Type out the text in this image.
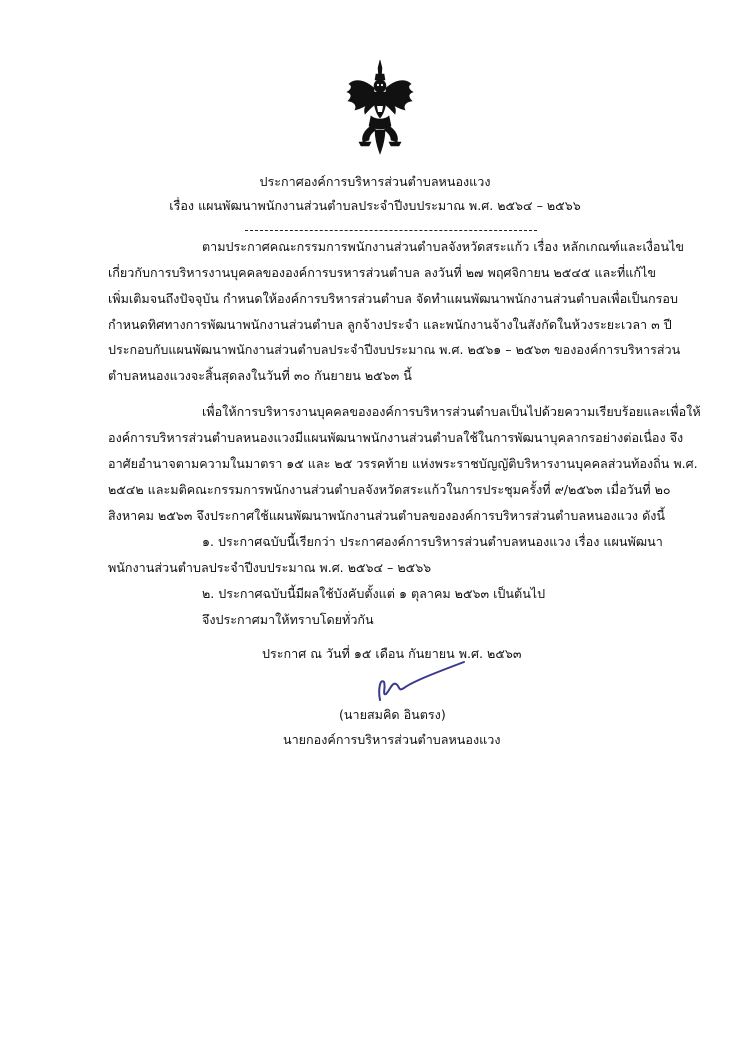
ประกาศองค์การบริหารส่วนตำบลหนองแวง
เรื่อง แผนพัฒนาพนักงานส่วนตำบลประจำปีงบประมาณ พ.ศ. ๒๕๖๔ – ๒๕๖๖
ตามประกาศคณะกรรมการพนักงานส่วนตำบลจังหวัดสระแก้ว เรื่อง หลักเกณฑ์และเงื่อนไข
เกี่ยวกับการบริหารงานบุคคลขององค์การบรหารส่วนตำบล ลงวันที่ ๒๗ พฤศจิกายน ๒๕๔๕ และที่แก้ไข
เพิ่มเติมจนถึงปัจจุบัน กำหนดให้องค์การบริหารส่วนตำบล จัดทำแผนพัฒนาพนักงานส่วนตำบลเพื่อเป็นกรอบ
กำหนดทิศทางการพัฒนาพนักงานส่วนตำบล ลูกจ้างประจำ และพนักงานจ้างในสังกัดในห้วงระยะเวลา ๓ ปี
ประกอบกับแผนพัฒนาพนักงานส่วนตำบลประจำปีงบประมาณ พ.ศ. ๒๕๖๑ – ๒๕๖๓ ขององค์การบริหารส่วน
ตำบลหนองแวงจะสิ้นสุดลงในวันที่ ๓๐ กันยายน ๒๕๖๓ นี้
เพื่อให้การบริหารงานบุคคลขององค์การบริหารส่วนตำบลเป็นไปด้วยความเรียบร้อยและเพื่อให้
องค์การบริหารส่วนตำบลหนองแวงมีแผนพัฒนาพนักงานส่วนตำบลใช้ในการพัฒนาบุคลากรอย่างต่อเนื่อง จึง
อาศัยอำนาจตามความในมาตรา ๑๕ และ ๒๕ วรรคท้าย แห่งพระราชบัญญัติบริหารงานบุคคลส่วนท้องถิ่น พ.ศ.
๒๕๔๒ และมติคณะกรรมการพนักงานส่วนตำบลจังหวัดสระแก้วในการประชุมครั้งที่ ๙/๒๕๖๓ เมื่อวันที่ ๒๐
สิงหาคม ๒๕๖๓ จึงประกาศใช้แผนพัฒนาพนักงานส่วนตำบลขององค์การบริหารส่วนตำบลหนองแวง ดังนี้
๑. ประกาศฉบับนี้เรียกว่า ประกาศองค์การบริหารส่วนตำบลหนองแวง เรื่อง แผนพัฒนา
พนักงานส่วนตำบลประจำปีงบประมาณ พ.ศ. ๒๕๖๔ – ๒๕๖๖
๒. ประกาศฉบับนี้มีผลใช้บังคับตั้งแต่ ๑ ตุลาคม ๒๕๖๓ เป็นต้นไป
จึงประกาศมาให้ทราบโดยทั่วกัน
ประกาศ ณ วันที่ ๑๕ เดือน กันยายน พ.ศ. ๒๕๖๓
(นายสมคิด อินตรง)
นายกองค์การบริหารส่วนตำบลหนองแวง
